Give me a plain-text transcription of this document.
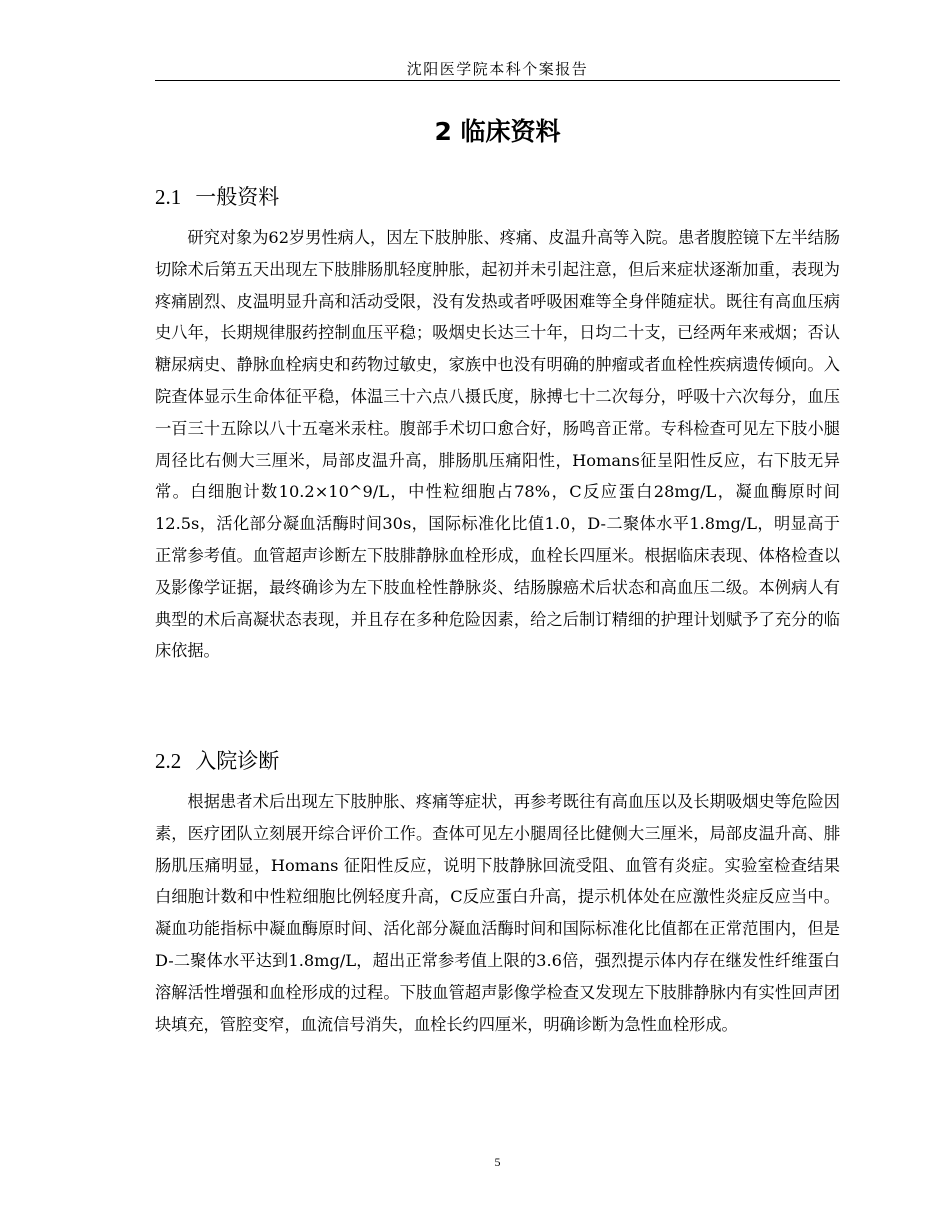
沈阳医学院本科个案报告
2 临床资料
2.1 一般资料

研究对象为62岁男性病人，因左下肢肿胀、疼痛、皮温升高等入院。患者腹腔镜下左半结肠切除术后第五天出现左下肢腓肠肌轻度肿胀，起初并未引起注意，但后来症状逐渐加重，表现为疼痛剧烈、皮温明显升高和活动受限，没有发热或者呼吸困难等全身伴随症状。既往有高血压病史八年，长期规律服药控制血压平稳；吸烟史长达三十年，日均二十支，已经两年来戒烟；否认糖尿病史、静脉血栓病史和药物过敏史，家族中也没有明确的肿瘤或者血栓性疾病遗传倾向。入院查体显示生命体征平稳，体温三十六点八摄氏度，脉搏七十二次每分，呼吸十六次每分，血压一百三十五除以八十五毫米汞柱。腹部手术切口愈合好，肠鸣音正常。专科检查可见左下肢小腿周径比右侧大三厘米，局部皮温升高，腓肠肌压痛阳性，Homans征呈阳性反应，右下肢无异常。白细胞计数10.2×10^9/L，中性粒细胞占78%，C反应蛋白28mg/L，凝血酶原时间12.5s，活化部分凝血活酶时间30s，国际标准化比值1.0，D-二聚体水平1.8mg/L，明显高于正常参考值。血管超声诊断左下肢腓静脉血栓形成，血栓长四厘米。根据临床表现、体格检查以及影像学证据，最终确诊为左下肢血栓性静脉炎、结肠腺癌术后状态和高血压二级。本例病人有典型的术后高凝状态表现，并且存在多种危险因素，给之后制订精细的护理计划赋予了充分的临床依据。

2.2 入院诊断

根据患者术后出现左下肢肿胀、疼痛等症状，再参考既往有高血压以及长期吸烟史等危险因素，医疗团队立刻展开综合评价工作。查体可见左小腿周径比健侧大三厘米，局部皮温升高、腓肠肌压痛明显，Homans 征阳性反应，说明下肢静脉回流受阻、血管有炎症。实验室检查结果白细胞计数和中性粒细胞比例轻度升高，C反应蛋白升高，提示机体处在应激性炎症反应当中。凝血功能指标中凝血酶原时间、活化部分凝血活酶时间和国际标准化比值都在正常范围内，但是D-二聚体水平达到1.8mg/L，超出正常参考值上限的3.6倍，强烈提示体内存在继发性纤维蛋白溶解活性增强和血栓形成的过程。下肢血管超声影像学检查又发现左下肢腓静脉内有实性回声团块填充，管腔变窄，血流信号消失，血栓长约四厘米，明确诊断为急性血栓形成。

5
